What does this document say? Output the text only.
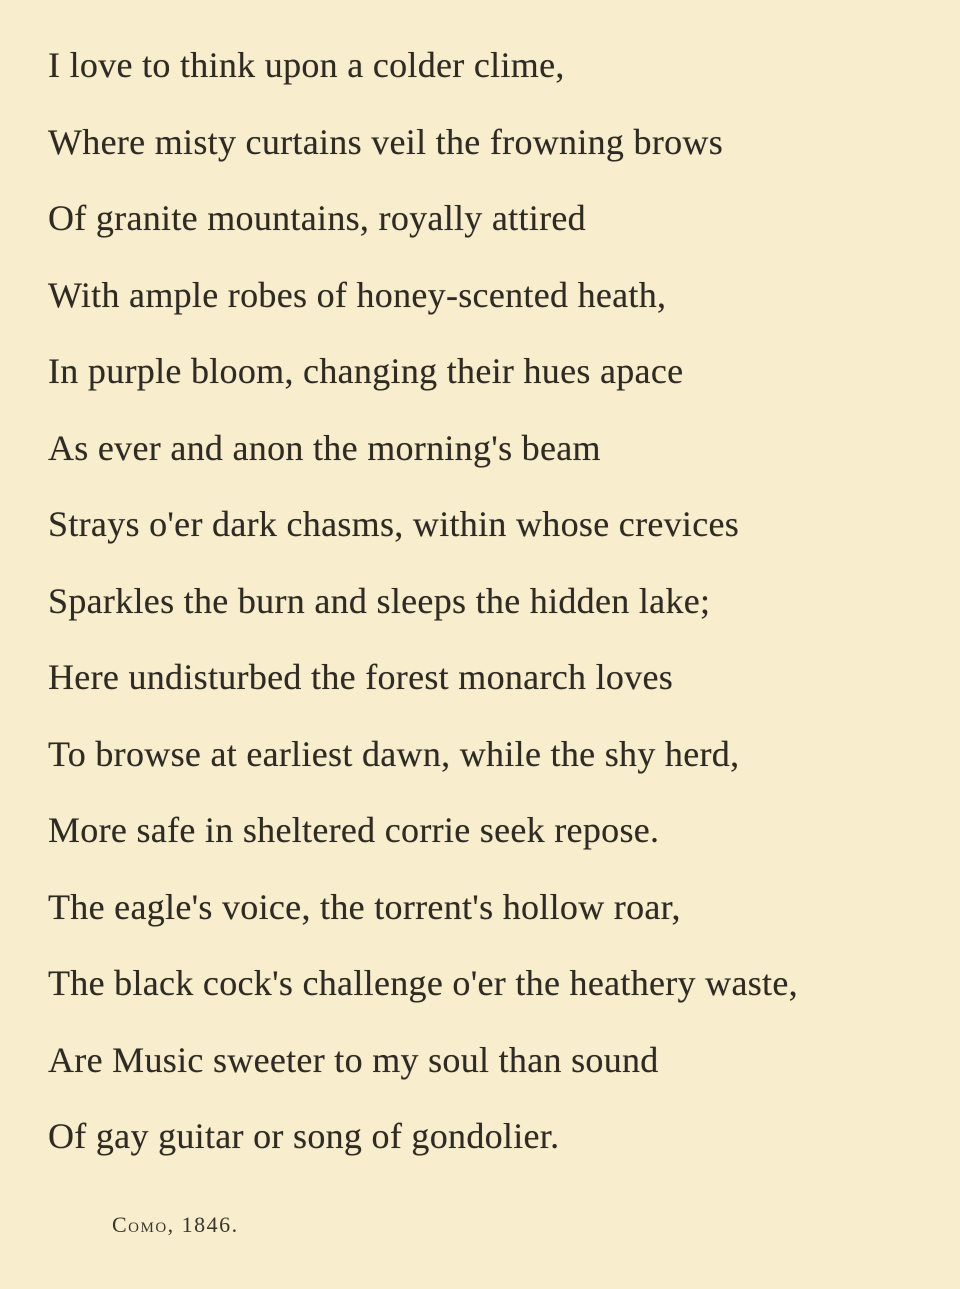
I love to think upon a colder clime,
Where misty curtains veil the frowning brows
Of granite mountains, royally attired
With ample robes of honey-scented heath,
In purple bloom, changing their hues apace
As ever and anon the morning's beam
Strays o'er dark chasms, within whose crevices
Sparkles the burn and sleeps the hidden lake;
Here undisturbed the forest monarch loves
To browse at earliest dawn, while the shy herd,
More safe in sheltered corrie seek repose.
The eagle's voice, the torrent's hollow roar,
The black cock's challenge o'er the heathery waste,
Are Music sweeter to my soul than sound
Of gay guitar or song of gondolier.
Como, 1846.
